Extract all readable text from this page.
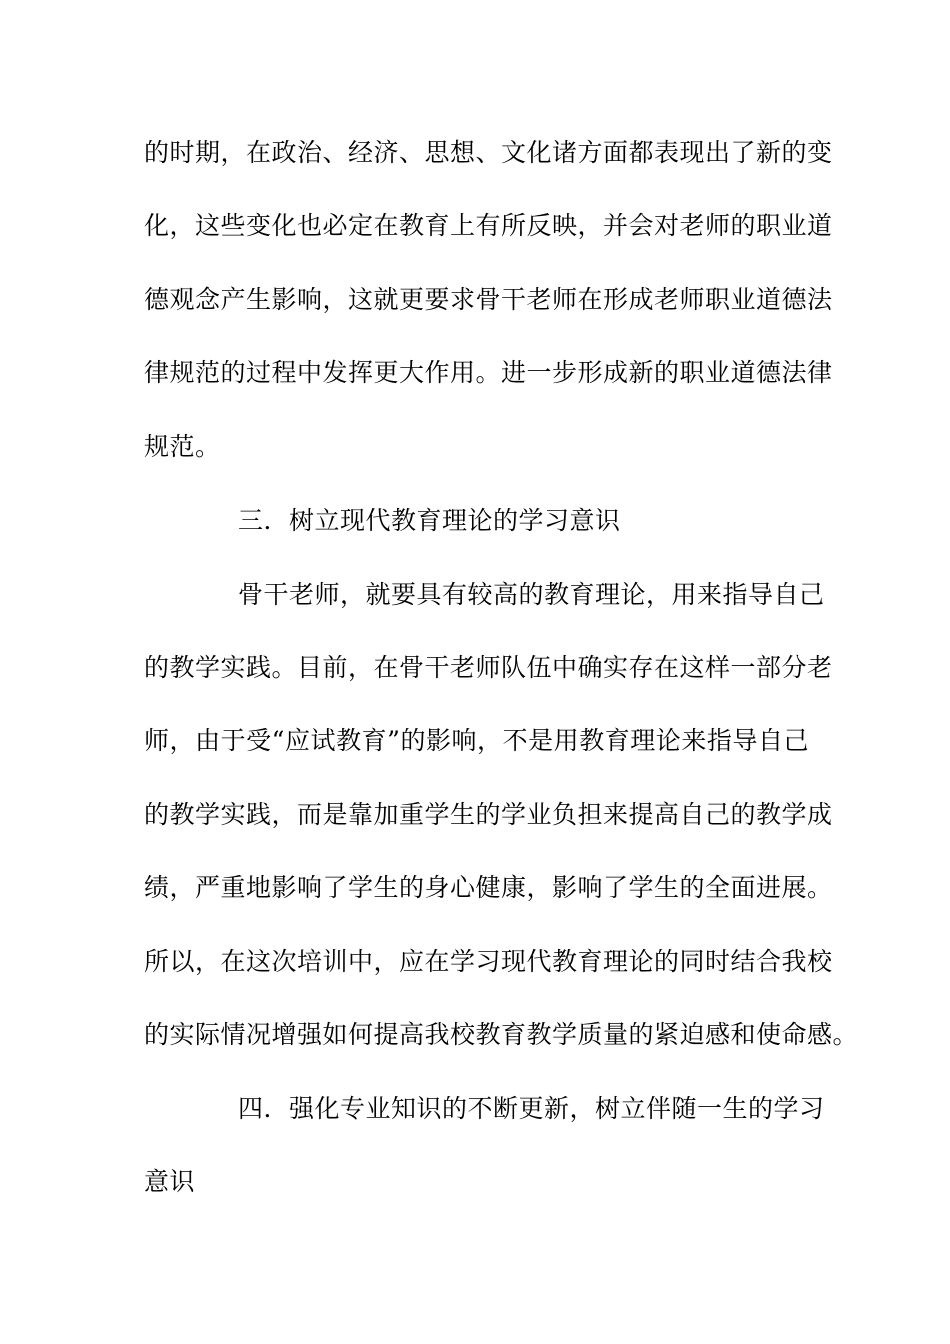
的时期，在政治、经济、思想、文化诸方面都表现出了新的变
化，这些变化也必定在教育上有所反映，并会对老师的职业道
德观念产生影响，这就更要求骨干老师在形成老师职业道德法
律规范的过程中发挥更大作用。进一步形成新的职业道德法律
规范。
三．树立现代教育理论的学习意识
骨干老师，就要具有较高的教育理论，用来指导自己
的教学实践。目前，在骨干老师队伍中确实存在这样一部分老
师，由于受“应试教育”的影响，不是用教育理论来指导自己
的教学实践，而是靠加重学生的学业负担来提高自己的教学成
绩，严重地影响了学生的身心健康，影响了学生的全面进展。
所以，在这次培训中，应在学习现代教育理论的同时结合我校
的实际情况增强如何提高我校教育教学质量的紧迫感和使命感。
四．强化专业知识的不断更新，树立伴随一生的学习
意识
